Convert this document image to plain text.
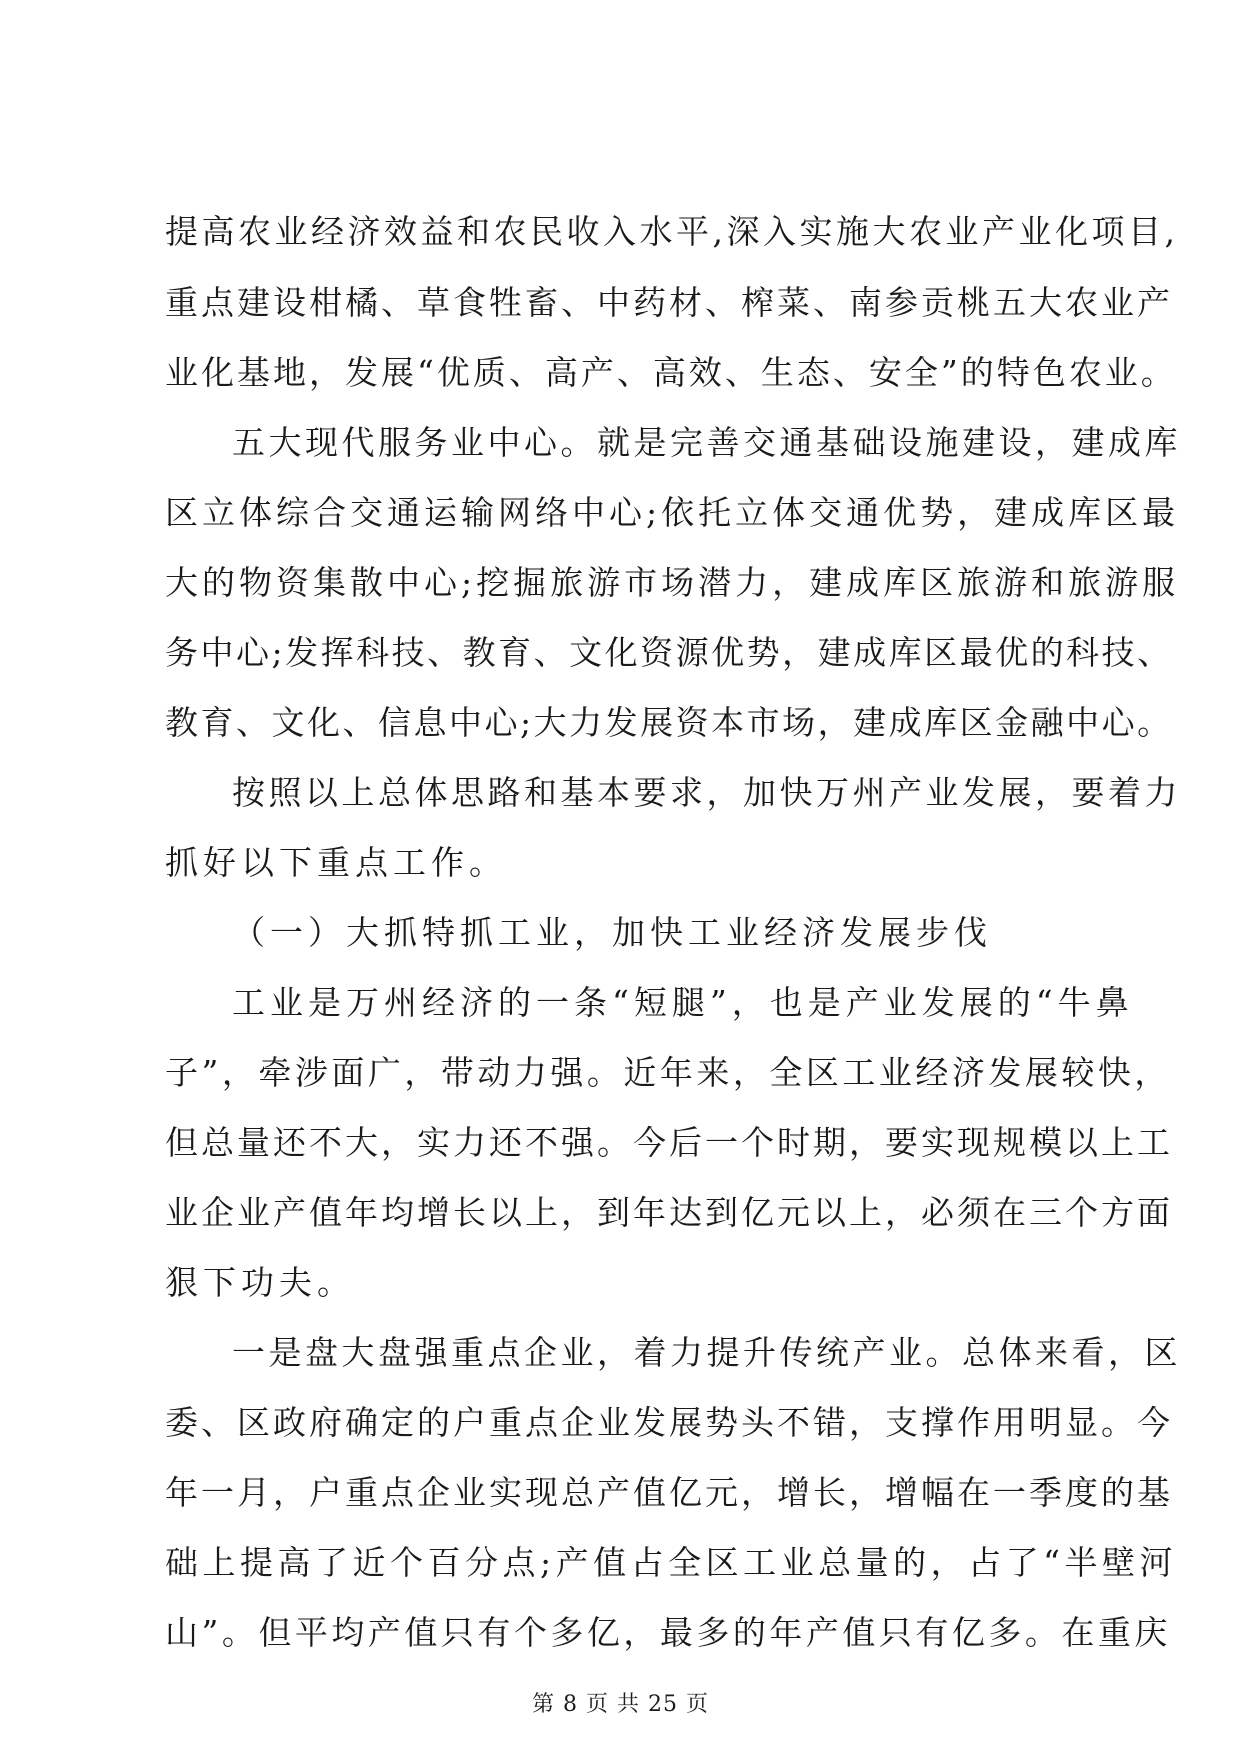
提高农业经济效益和农民收入水平,深入实施大农业产业化项目,
重点建设柑橘、草食牲畜、中药材、榨菜、南参贡桃五大农业产
业化基地，发展“优质、高产、高效、生态、安全”的特色农业。
五大现代服务业中心。就是完善交通基础设施建设，建成库
区立体综合交通运输网络中心;依托立体交通优势，建成库区最
大的物资集散中心;挖掘旅游市场潜力，建成库区旅游和旅游服
务中心;发挥科技、教育、文化资源优势，建成库区最优的科技、
教育、文化、信息中心;大力发展资本市场，建成库区金融中心。
按照以上总体思路和基本要求，加快万州产业发展，要着力
抓好以下重点工作。
（一）大抓特抓工业，加快工业经济发展步伐
工业是万州经济的一条“短腿”，也是产业发展的“牛鼻
子”，牵涉面广，带动力强。近年来，全区工业经济发展较快，
但总量还不大，实力还不强。今后一个时期，要实现规模以上工
业企业产值年均增长以上，到年达到亿元以上，必须在三个方面
狠下功夫。
一是盘大盘强重点企业，着力提升传统产业。总体来看，区
委、区政府确定的户重点企业发展势头不错，支撑作用明显。今
年一月，户重点企业实现总产值亿元，增长，增幅在一季度的基
础上提高了近个百分点;产值占全区工业总量的，占了“半壁河
山”。但平均产值只有个多亿，最多的年产值只有亿多。在重庆
第 8 页 共 25 页
